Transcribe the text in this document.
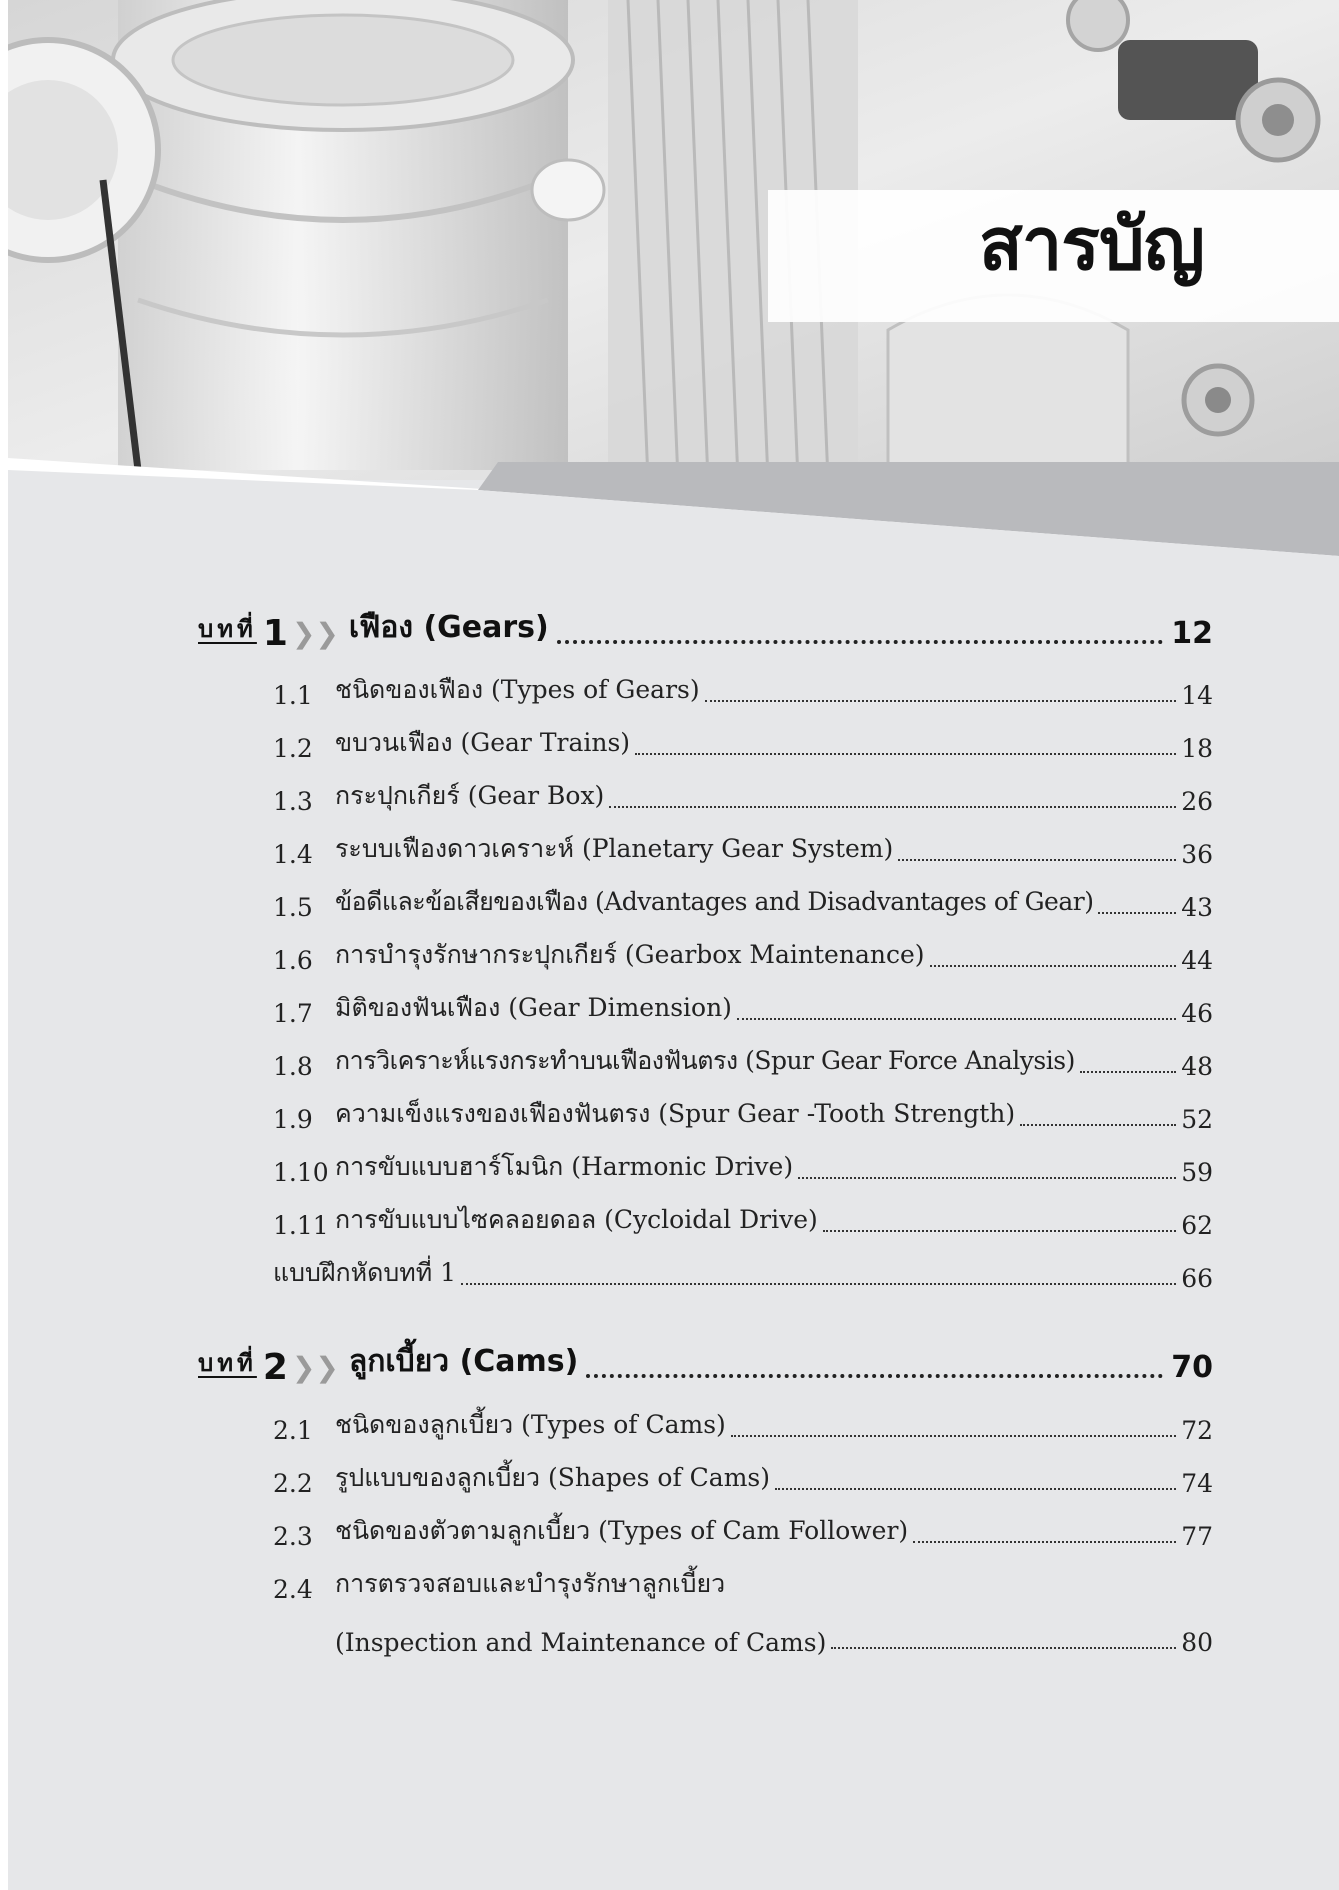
สารบัญ
บทที่ 1 ❯❯ เฟือง (Gears)	12
1.1 ชนิดของเฟือง (Types of Gears)	14
1.2 ขบวนเฟือง (Gear Trains)	18
1.3 กระปุกเกียร์ (Gear Box)	26
1.4 ระบบเฟืองดาวเคราะห์ (Planetary Gear System)	36
1.5 ข้อดีและข้อเสียของเฟือง (Advantages and Disadvantages of Gear)	43
1.6 การบำรุงรักษากระปุกเกียร์ (Gearbox Maintenance)	44
1.7 มิติของฟันเฟือง (Gear Dimension)	46
1.8 การวิเคราะห์แรงกระทำบนเฟืองฟันตรง (Spur Gear Force Analysis)	48
1.9 ความเข็งแรงของเฟืองฟันตรง (Spur Gear -Tooth Strength)	52
1.10 การขับแบบฮาร์โมนิก (Harmonic Drive)	59
1.11 การขับแบบไซคลอยดอล (Cycloidal Drive)	62
แบบฝึกหัดบทที่ 1	66
บทที่ 2 ❯❯ ลูกเบี้ยว (Cams)	70
2.1 ชนิดของลูกเบี้ยว (Types of Cams)	72
2.2 รูปแบบของลูกเบี้ยว (Shapes of Cams)	74
2.3 ชนิดของตัวตามลูกเบี้ยว (Types of Cam Follower)	77
2.4 การตรวจสอบและบำรุงรักษาลูกเบี้ยว
(Inspection and Maintenance of Cams)	80
